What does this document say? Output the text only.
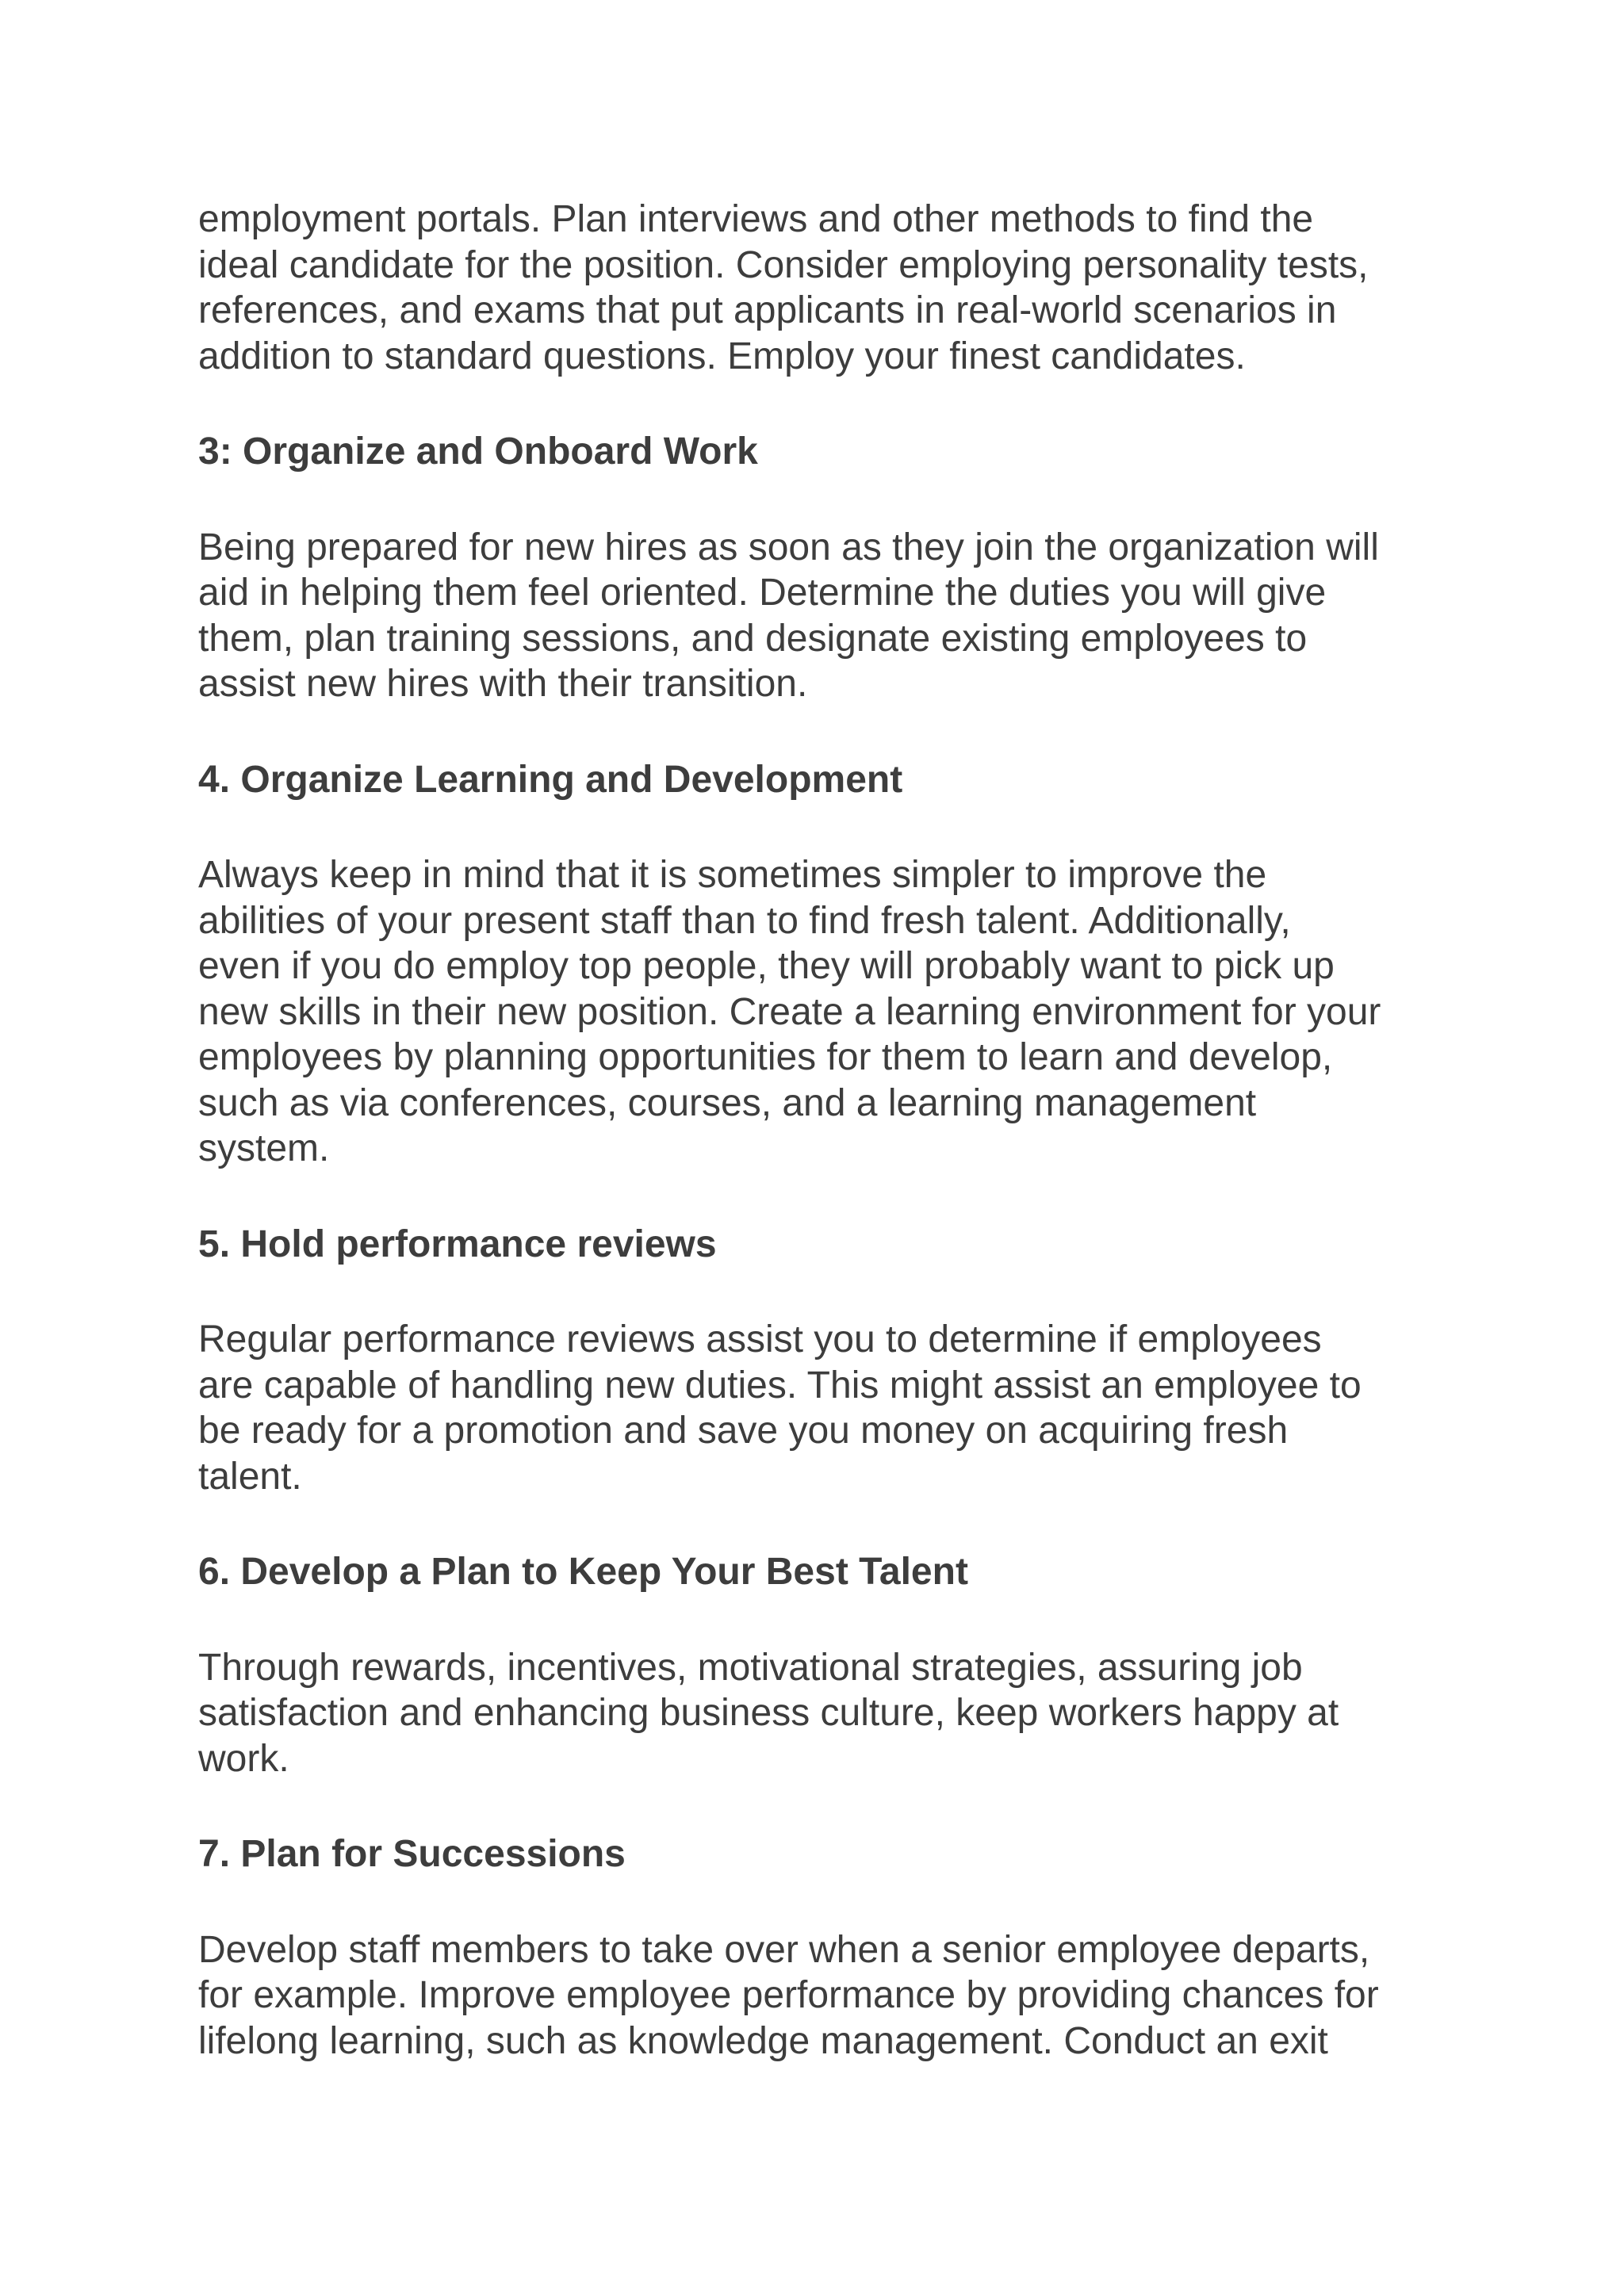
employment portals. Plan interviews and other methods to find the
ideal candidate for the position. Consider employing personality tests,
references, and exams that put applicants in real-world scenarios in
addition to standard questions. Employ your finest candidates.

3: Organize and Onboard Work

Being prepared for new hires as soon as they join the organization will
aid in helping them feel oriented. Determine the duties you will give
them, plan training sessions, and designate existing employees to
assist new hires with their transition.

4. Organize Learning and Development

Always keep in mind that it is sometimes simpler to improve the
abilities of your present staff than to find fresh talent. Additionally,
even if you do employ top people, they will probably want to pick up
new skills in their new position. Create a learning environment for your
employees by planning opportunities for them to learn and develop,
such as via conferences, courses, and a learning management
system.

5. Hold performance reviews

Regular performance reviews assist you to determine if employees
are capable of handling new duties. This might assist an employee to
be ready for a promotion and save you money on acquiring fresh
talent.

6. Develop a Plan to Keep Your Best Talent

Through rewards, incentives, motivational strategies, assuring job
satisfaction and enhancing business culture, keep workers happy at
work.

7. Plan for Successions

Develop staff members to take over when a senior employee departs,
for example. Improve employee performance by providing chances for
lifelong learning, such as knowledge management. Conduct an exit
